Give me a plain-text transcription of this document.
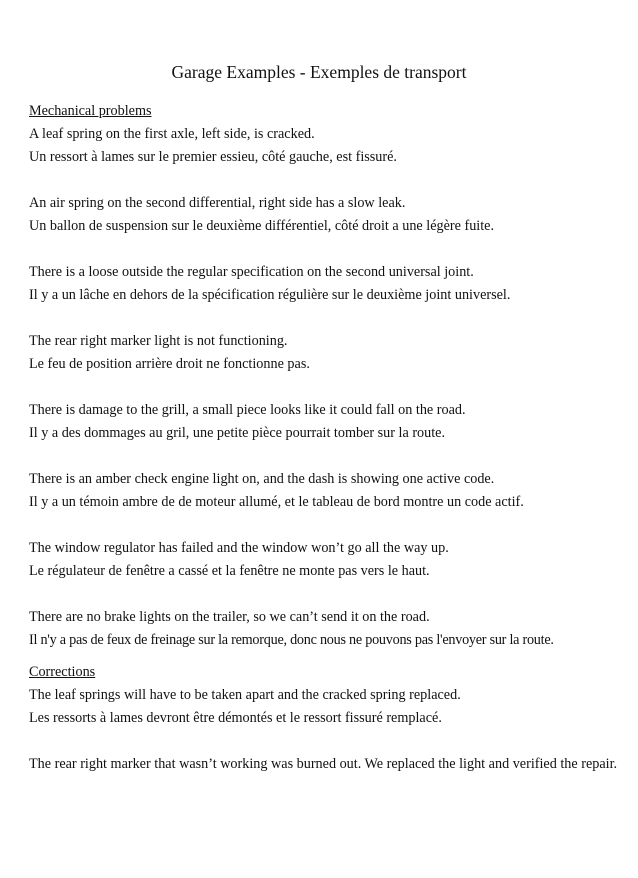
Garage Examples - Exemples de transport

Mechanical problems

A leaf spring on the first axle, left side, is cracked.

Un ressort à lames sur le premier essieu, côté gauche, est fissuré.

An air spring on the second differential, right side has a slow leak.

Un ballon de suspension sur le deuxième différentiel, côté droit a une légère fuite.

There is a loose outside the regular specification on the second universal joint.

Il y a un lâche en dehors de la spécification régulière sur le deuxième joint universel.

The rear right marker light is not functioning.

Le feu de position arrière droit ne fonctionne pas.

There is damage to the grill, a small piece looks like it could fall on the road.

Il y a des dommages au gril, une petite pièce pourrait tomber sur la route.

There is an amber check engine light on, and the dash is showing one active code.

Il y a un témoin ambre de de moteur allumé, et le tableau de bord montre un code actif.

The window regulator has failed and the window won’t go all the way up.

Le régulateur de fenêtre a cassé et la fenêtre ne monte pas vers le haut.

There are no brake lights on the trailer, so we can’t send it on the road.

Il n'y a pas de feux de freinage sur la remorque, donc nous ne pouvons pas l'envoyer sur la route.

Corrections

The leaf springs will have to be taken apart and the cracked spring replaced.

Les ressorts à lames devront être démontés et le ressort fissuré remplacé.

The rear right marker that wasn’t working was burned out. We replaced the light and verified the repair.
